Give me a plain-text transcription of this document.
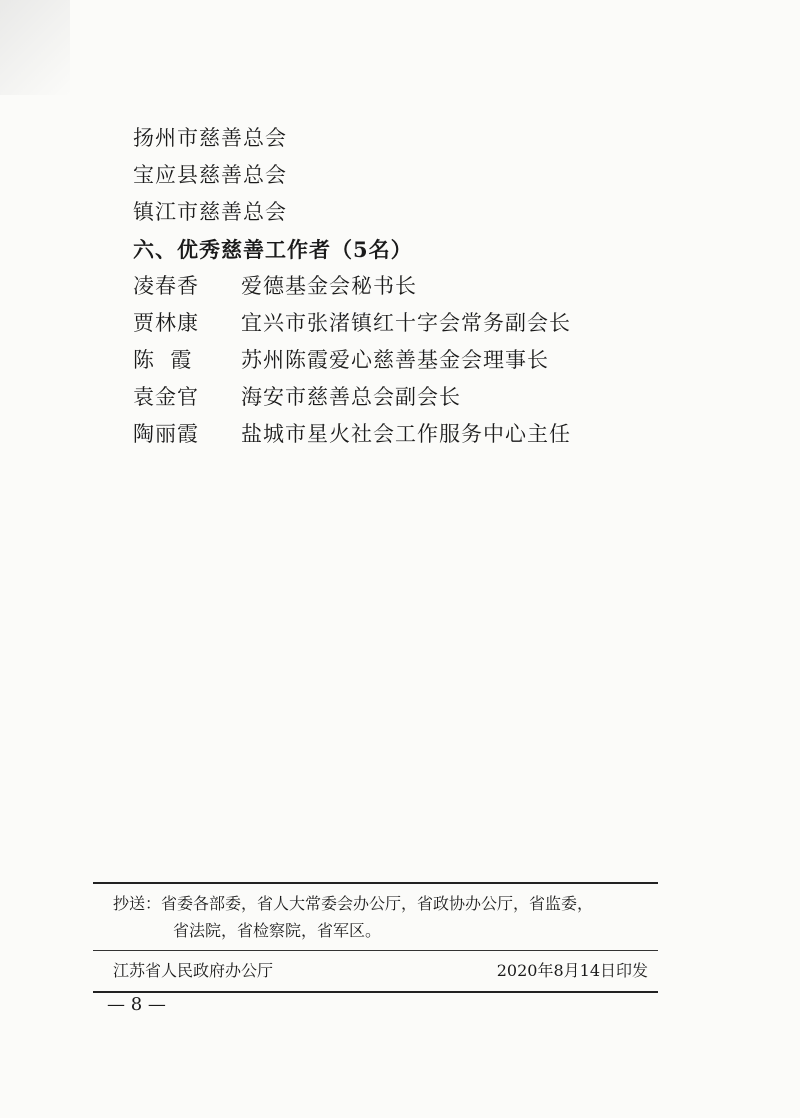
扬州市慈善总会
宝应县慈善总会
镇江市慈善总会
六、优秀慈善工作者（5名）
凌春香	爱德基金会秘书长
贾林康	宜兴市张渚镇红十字会常务副会长
陈  霞	苏州陈霞爱心慈善基金会理事长
袁金官	海安市慈善总会副会长
陶丽霞	盐城市星火社会工作服务中心主任
抄送：省委各部委，省人大常委会办公厅，省政协办公厅，省监委，
省法院，省检察院，省军区。
江苏省人民政府办公厅	2020年8月14日印发
— 8 —
